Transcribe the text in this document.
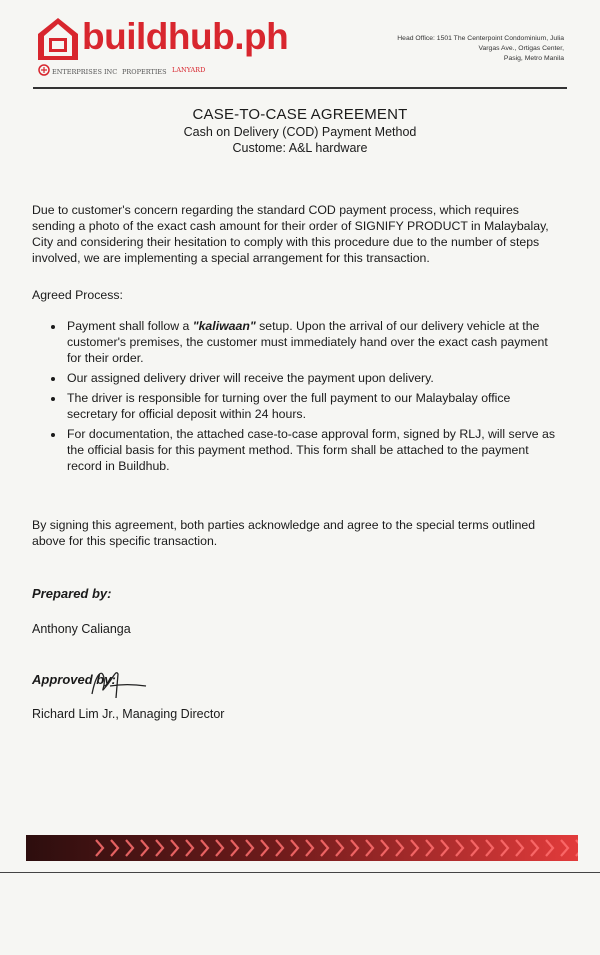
buildhub.ph
ENTERPRISES INC PROPERTIES LANYARD
Head Office: 1501 The Centerpoint Condominium, Julia
Vargas Ave., Ortigas Center,
Pasig, Metro Manila
CASE-TO-CASE AGREEMENT
Cash on Delivery (COD) Payment Method
Custome: A&L hardware
Due to customer's concern regarding the standard COD payment process, which requires sending a photo of the exact cash amount for their order of SIGNIFY PRODUCT in Malaybalay, City and considering their hesitation to comply with this procedure due to the number of steps involved, we are implementing a special arrangement for this transaction.
Agreed Process:
• Payment shall follow a "kaliwaan" setup. Upon the arrival of our delivery vehicle at the customer's premises, the customer must immediately hand over the exact cash payment for their order.
• Our assigned delivery driver will receive the payment upon delivery.
• The driver is responsible for turning over the full payment to our Malaybalay office secretary for official deposit within 24 hours.
• For documentation, the attached case-to-case approval form, signed by RLJ, will serve as the official basis for this payment method. This form shall be attached to the payment record in Buildhub.
By signing this agreement, both parties acknowledge and agree to the special terms outlined above for this specific transaction.
Prepared by:
Anthony Calianga
Approved by:
Richard Lim Jr., Managing Director
